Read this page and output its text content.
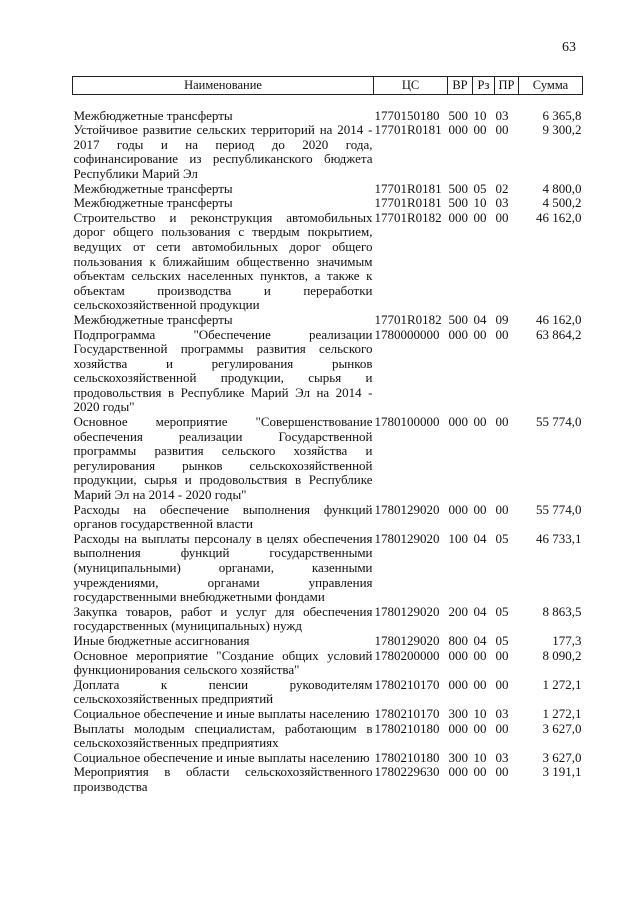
63
Наименование	ЦС	ВР	Рз	ПР	Сумма

Межбюджетные трансферты	1770150180	500	10	03	6 365,8
Устойчивое развитие сельских территорий на 2014 - 2017 годы и на период до 2020 года, софинансирование из республиканского бюджета Республики Марий Эл	17701R0181	000	00	00	9 300,2
Межбюджетные трансферты	17701R0181	500	05	02	4 800,0
Межбюджетные трансферты	17701R0181	500	10	03	4 500,2
Строительство и реконструкция автомобильных дорог общего пользования с твердым покрытием, ведущих от сети автомобильных дорог общего пользования к ближайшим общественно значимым объектам сельских населенных пунктов, а также к объектам производства и переработки сельскохозяйственной продукции	17701R0182	000	00	00	46 162,0
Межбюджетные трансферты	17701R0182	500	04	09	46 162,0
Подпрограмма "Обеспечение реализации Государственной программы развития сельского хозяйства и регулирования рынков сельскохозяйственной продукции, сырья и продовольствия в Республике Марий Эл на 2014 - 2020 годы"	1780000000	000	00	00	63 864,2
Основное мероприятие "Совершенствование обеспечения реализации Государственной программы развития сельского хозяйства и регулирования рынков сельскохозяйственной продукции, сырья и продовольствия в Республике Марий Эл на 2014 - 2020 годы"	1780100000	000	00	00	55 774,0
Расходы на обеспечение выполнения функций органов государственной власти	1780129020	000	00	00	55 774,0
Расходы на выплаты персоналу в целях обеспечения выполнения функций государственными (муниципальными) органами, казенными учреждениями, органами управления государственными внебюджетными фондами	1780129020	100	04	05	46 733,1
Закупка товаров, работ и услуг для обеспечения государственных (муниципальных) нужд	1780129020	200	04	05	8 863,5
Иные бюджетные ассигнования	1780129020	800	04	05	177,3
Основное мероприятие "Создание общих условий функционирования сельского хозяйства"	1780200000	000	00	00	8 090,2
Доплата к пенсии руководителям сельскохозяйственных предприятий	1780210170	000	00	00	1 272,1
Социальное обеспечение и иные выплаты населению	1780210170	300	10	03	1 272,1
Выплаты молодым специалистам, работающим в сельскохозяйственных предприятиях	1780210180	000	00	00	3 627,0
Социальное обеспечение и иные выплаты населению	1780210180	300	10	03	3 627,0
Мероприятия в области сельскохозяйственного производства	1780229630	000	00	00	3 191,1
